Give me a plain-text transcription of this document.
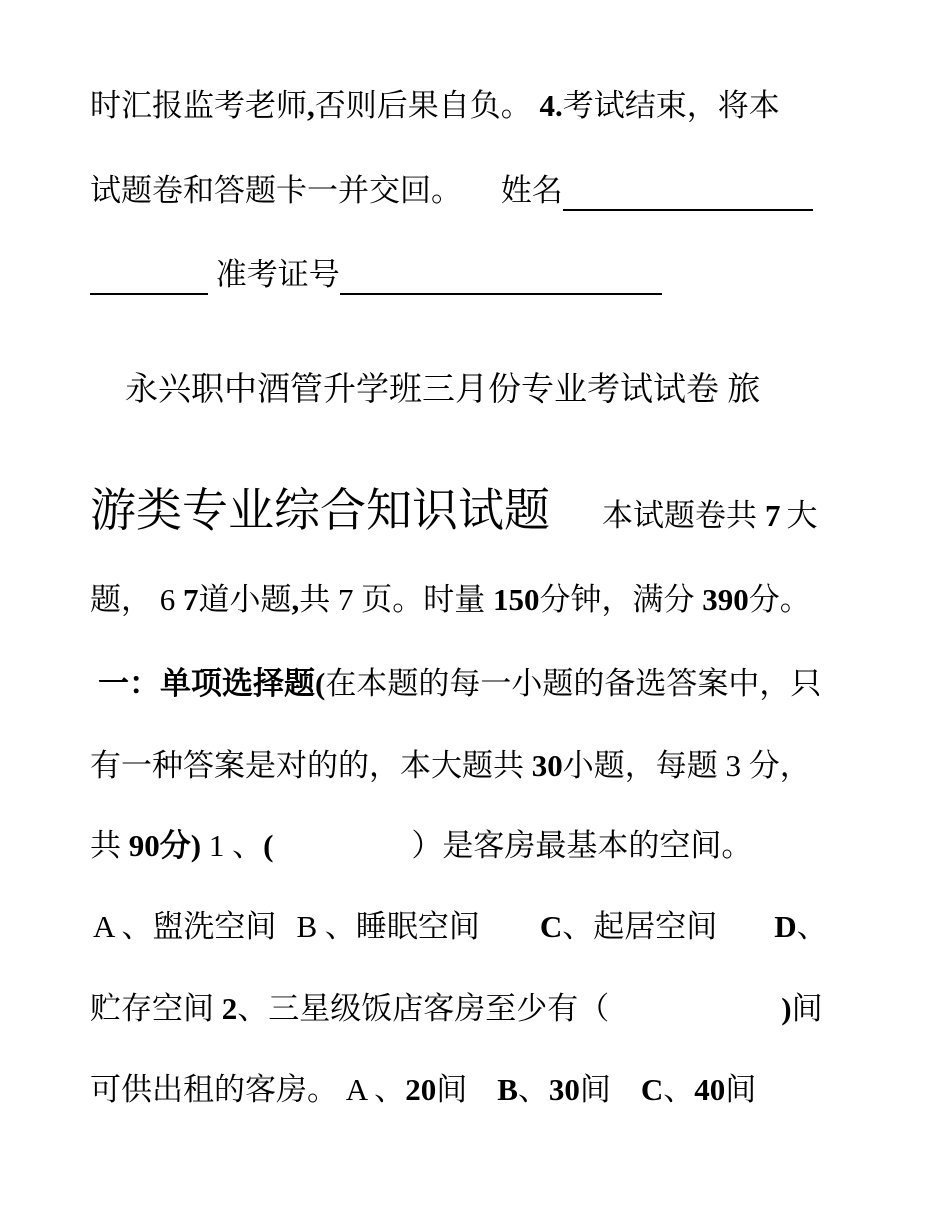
时汇报监考老师,否则后果自负。 4.考试结束，将本
试题卷和答题卡一并交回。     姓名
准考证号
永兴职中酒管升学班三月份专业考试试卷 旅
游类专业综合知识试题 本试题卷共 7 大
题， 6 7道小题,共 7 页。时量 150分钟，满分 390分。
一：单项选择题(在本题的每一小题的备选答案中，只
有一种答案是对的的，本大题共 30小题，每题 3 分，
共 90分) 1 、(	）是客房最基本的空间。
A 、盥洗空间 B 、睡眠空间 C、起居空间 D、
贮存空间 2、三星级饭店客房至少有（	)间
可供出租的客房。 A 、20间 B、30间 C、40间
